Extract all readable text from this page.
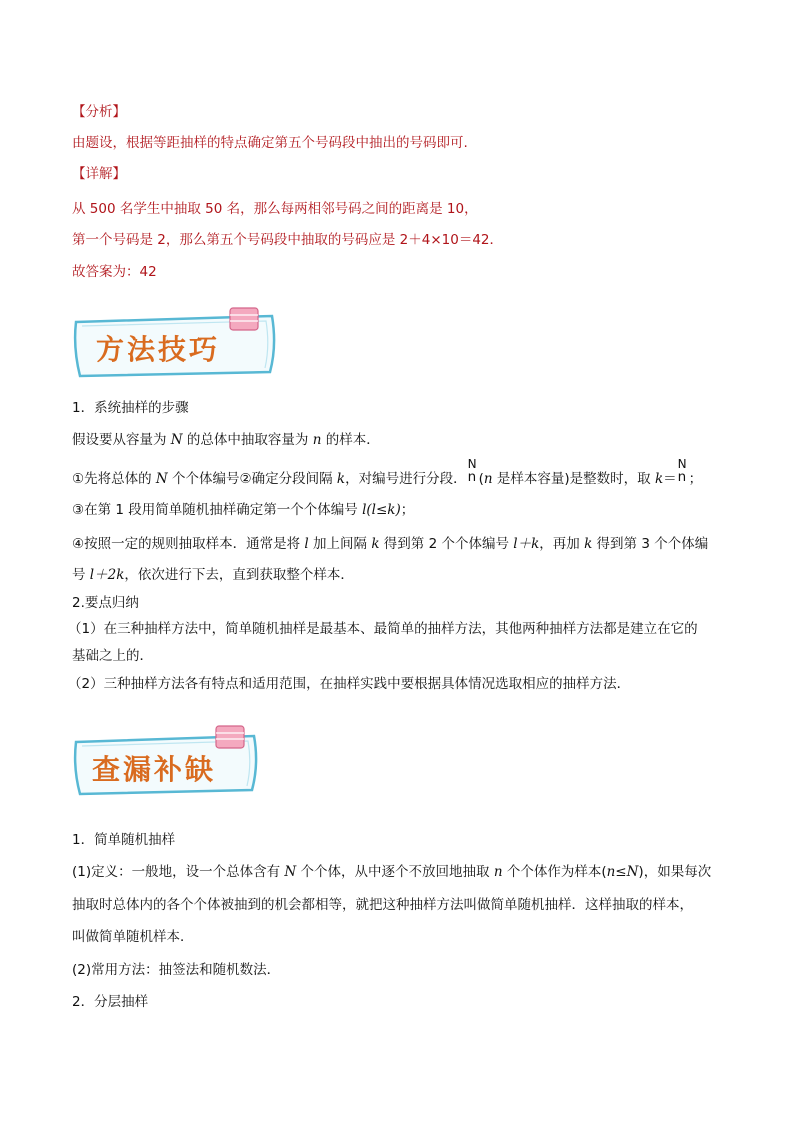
【分析】
由题设，根据等距抽样的特点确定第五个号码段中抽出的号码即可.
【详解】
从 500 名学生中抽取 50 名，那么每两相邻号码之间的距离是 10，
第一个号码是 2，那么第五个号码段中抽取的号码应是 2＋4×10＝42．
故答案为：42
方法技巧
1．系统抽样的步骤
假设要从容量为 N 的总体中抽取容量为 n 的样本．
①先将总体的 N 个个体编号②确定分段间隔 k，对编号进行分段．
N
n (n 是样本容量)是整数时，取 k＝
N
n ；
③在第 1 段用简单随机抽样确定第一个个体编号 l(l≤k)；
④按照一定的规则抽取样本．通常是将 l 加上间隔 k 得到第 2 个个体编号 l＋k，再加 k 得到第 3 个个体编
号 l＋2k，依次进行下去，直到获取整个样本．
2.要点归纳
（1）在三种抽样方法中，简单随机抽样是最基本、最简单的抽样方法，其他两种抽样方法都是建立在它的
基础之上的．
（2）三种抽样方法各有特点和适用范围，在抽样实践中要根据具体情况选取相应的抽样方法．
查漏补缺
1．简单随机抽样
(1)定义：一般地，设一个总体含有 N 个个体，从中逐个不放回地抽取 n 个个体作为样本(n≤N)，如果每次
抽取时总体内的各个个体被抽到的机会都相等，就把这种抽样方法叫做简单随机抽样．这样抽取的样本，
叫做简单随机样本．
(2)常用方法：抽签法和随机数法．
2．分层抽样
